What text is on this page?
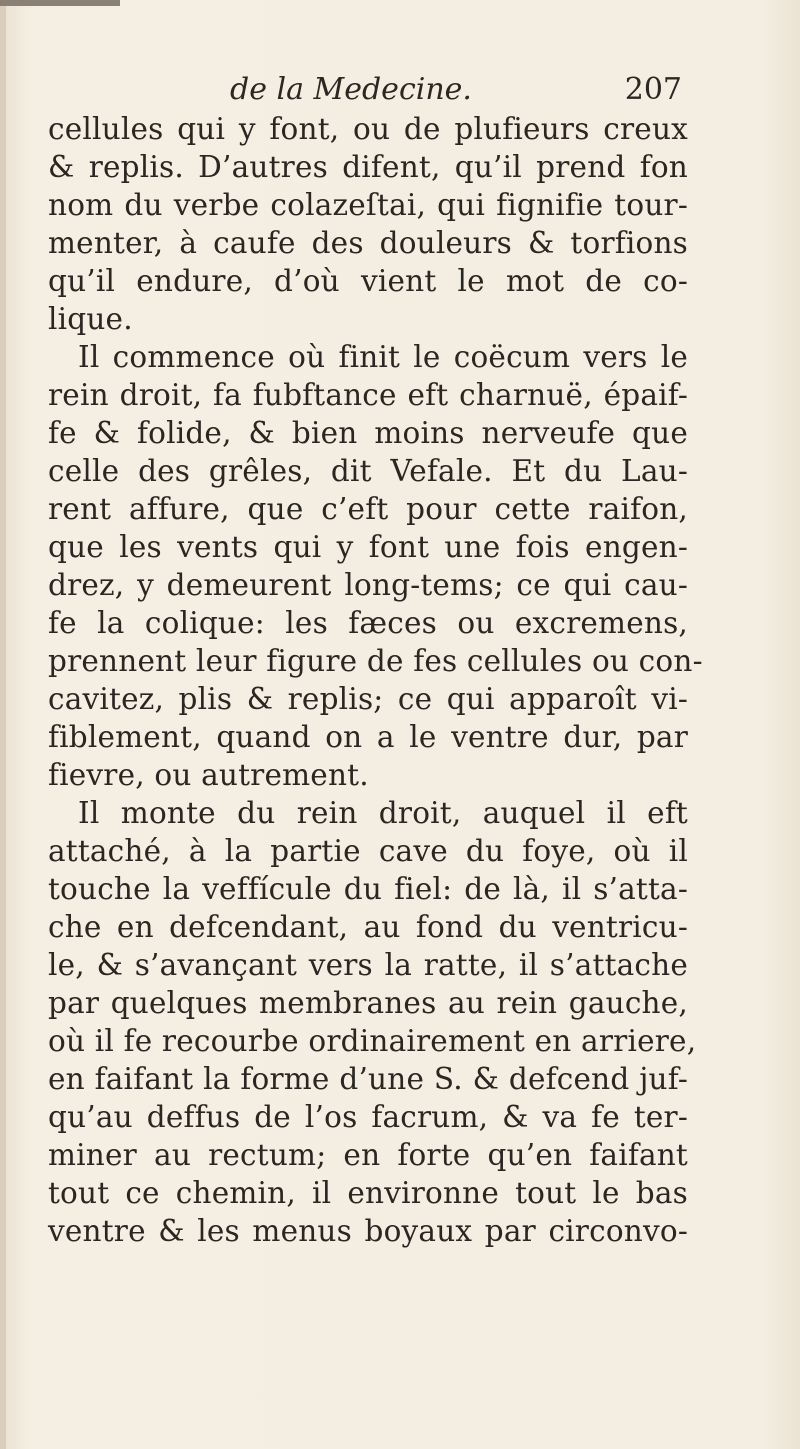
de la Medecine.	207
cellules qui y font, ou de plufieurs creux
& replis. D’autres difent, qu’il prend fon
nom du verbe colazeſtai, qui fignifie tour-
menter, à caufe des douleurs & torfions
qu’il endure, d’où vient le mot de co-
lique.
Il commence où finit le coëcum vers le
rein droit, fa fubftance eft charnuë, épaif-
fe & folide, & bien moins nerveufe que
celle des grêles, dit Vefale. Et du Lau-
rent affure, que c’eft pour cette raifon,
que les vents qui y font une fois engen-
drez, y demeurent long-tems; ce qui cau-
fe la colique: les fæces ou excremens,
prennent leur figure de fes cellules ou con-
cavitez, plis & replis; ce qui apparoît vi-
fiblement, quand on a le ventre dur, par
fievre, ou autrement.
Il monte du rein droit, auquel il eft
attaché, à la partie cave du foye, où il
touche la veffícule du fiel: de là, il s’atta-
che en defcendant, au fond du ventricu-
le, & s’avançant vers la ratte, il s’attache
par quelques membranes au rein gauche,
où il fe recourbe ordinairement en arriere,
en faifant la forme d’une S. & defcend juf-
qu’au deffus de l’os facrum, & va fe ter-
miner au rectum; en forte qu’en faifant
tout ce chemin, il environne tout le bas
ventre & les menus boyaux par circonvo-
